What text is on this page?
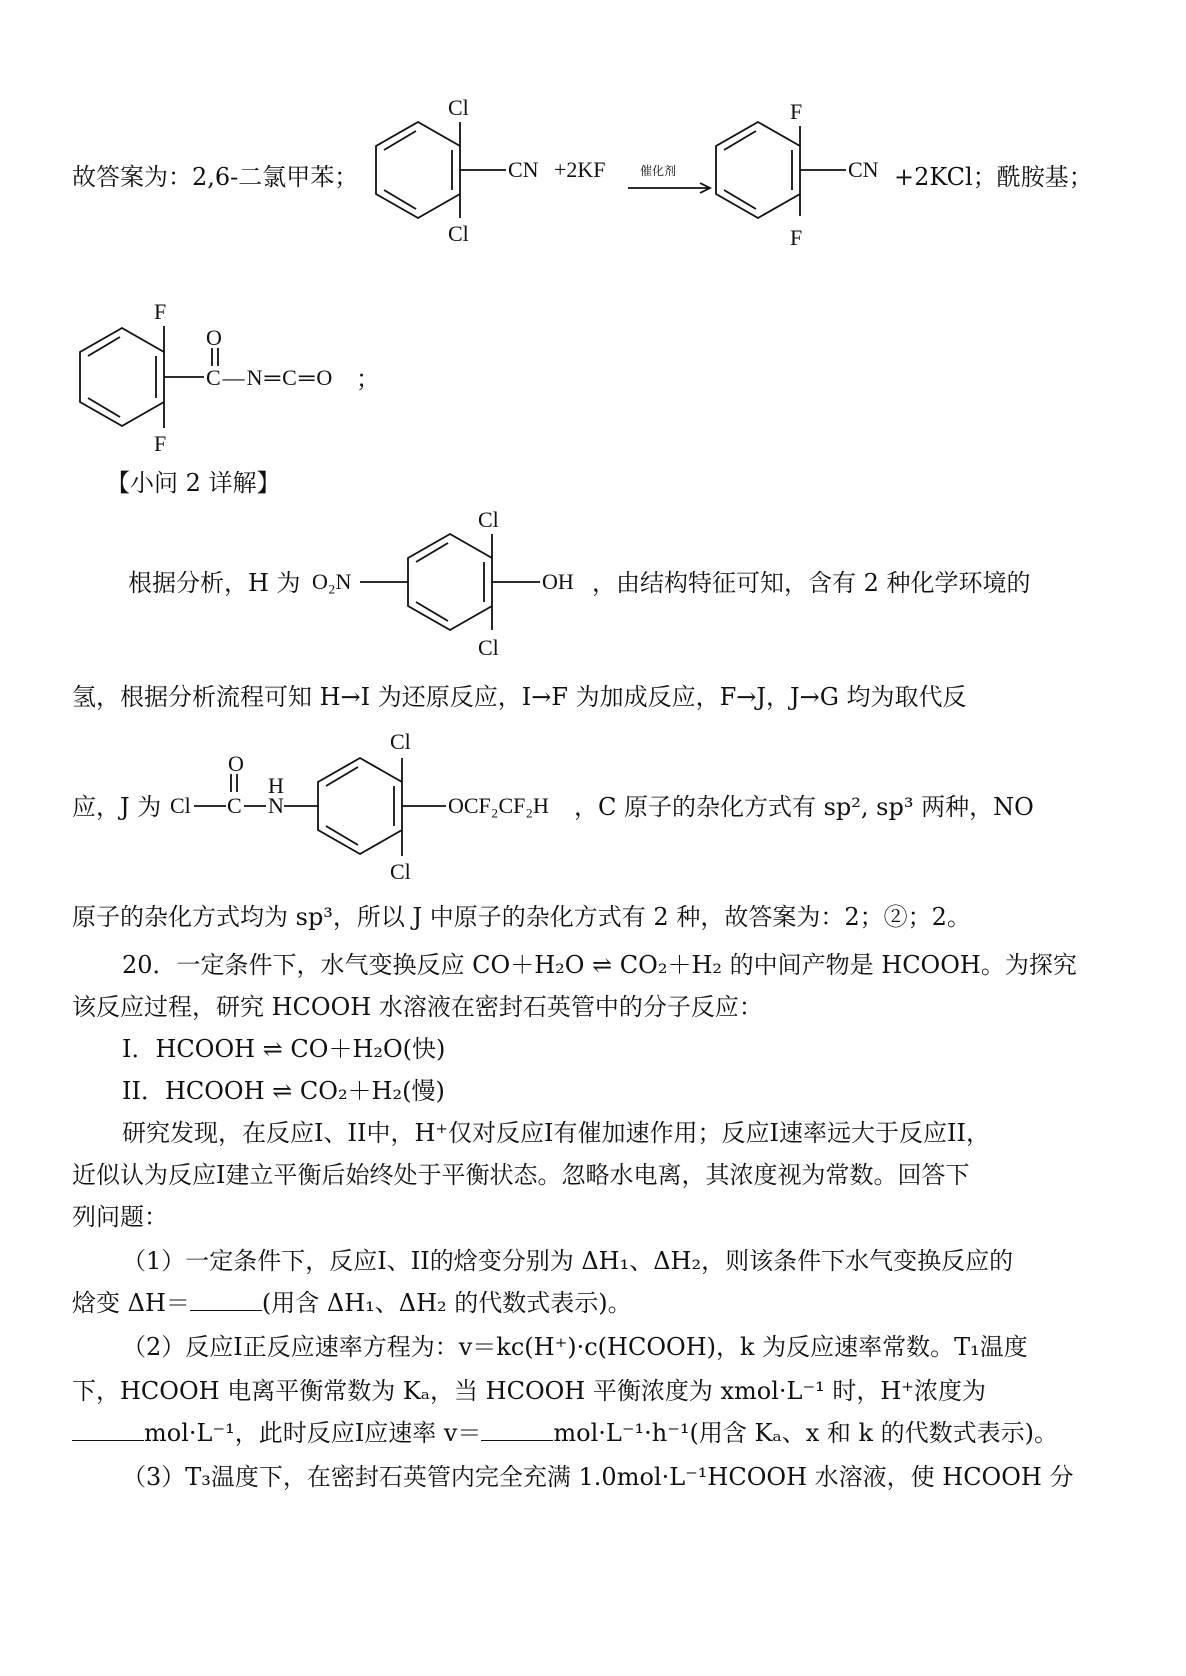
故答案为：2,6-二氯甲苯；
Cl
Cl
CN +2KF	催化剂
F
F
CN +2KCl；酰胺基；
F
F
O
C—N═C═O ；
【小问 2 详解】
根据分析，H 为 O₂N
Cl
Cl
OH ，由结构特征可知，含有 2 种化学环境的
氢，根据分析流程可知 H→I 为还原反应，I→F 为加成反应，F→J，J→G 均为取代反
应，J 为 Cl
O
C
H
N
Cl
Cl
OCF₂CF₂H ，C 原子的杂化方式有 sp², sp³ 两种，NO
原子的杂化方式均为 sp³，所以 J 中原子的杂化方式有 2 种，故答案为：2；②；2。
20．一定条件下，水气变换反应 CO＋H₂O ⇌ CO₂＋H₂ 的中间产物是 HCOOH。为探究
该反应过程，研究 HCOOH 水溶液在密封石英管中的分子反应：
I．HCOOH ⇌ CO＋H₂O(快)
II．HCOOH ⇌ CO₂＋H₂(慢)
研究发现，在反应I、II中，H⁺仅对反应I有催加速作用；反应I速率远大于反应II，
近似认为反应I建立平衡后始终处于平衡状态。忽略水电离，其浓度视为常数。回答下
列问题：
（1）一定条件下，反应I、II的焓变分别为 ΔH₁、ΔH₂，则该条件下水气变换反应的
焓变 ΔH＝	(用含 ΔH₁、ΔH₂ 的代数式表示)。
（2）反应I正反应速率方程为：v＝kc(H⁺)·c(HCOOH)，k 为反应速率常数。T₁温度
下，HCOOH 电离平衡常数为 Kₐ，当 HCOOH 平衡浓度为 xmol·L⁻¹ 时，H⁺浓度为
mol·L⁻¹，此时反应I应速率 v＝	mol·L⁻¹·h⁻¹(用含 Kₐ、x 和 k 的代数式表示)。
（3）T₃温度下，在密封石英管内完全充满 1.0mol·L⁻¹HCOOH 水溶液，使 HCOOH 分
